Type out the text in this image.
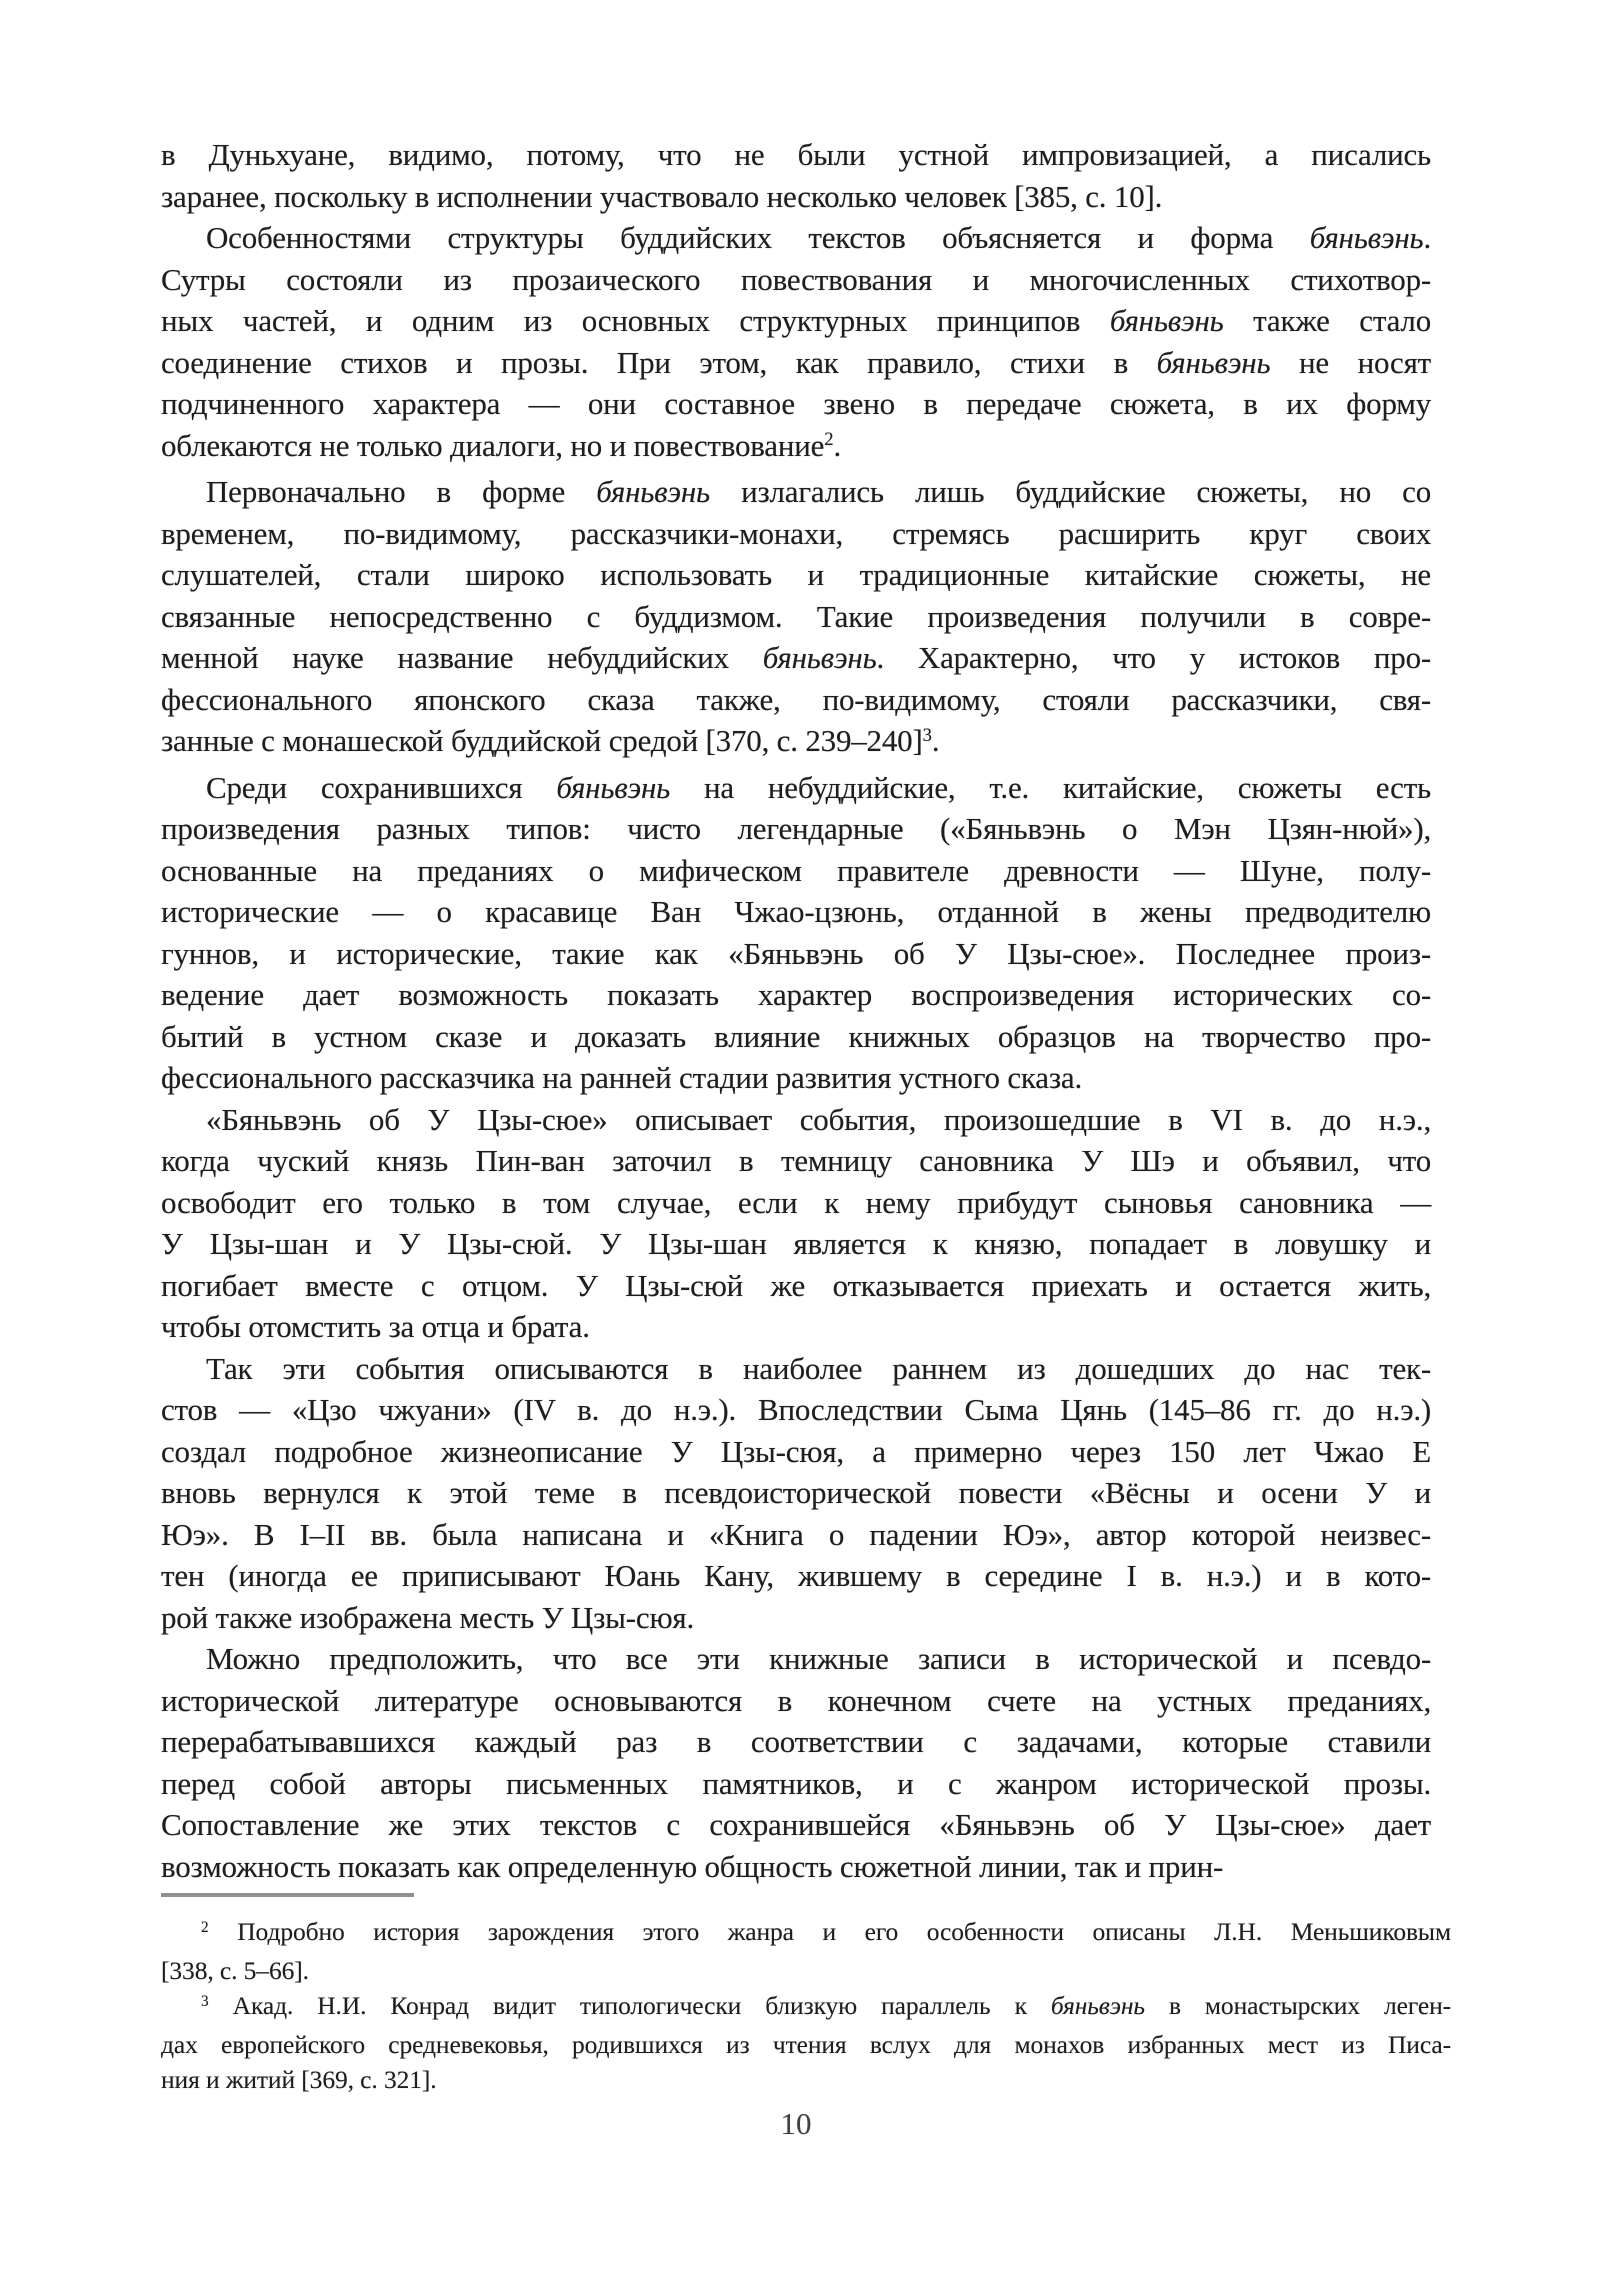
в Дуньхуане, видимо, потому, что не были устной импровизацией, а писались
заранее, поскольку в исполнении участвовало несколько человек [385, с. 10].
Особенностями структуры буддийских текстов объясняется и форма бяньвэнь.
Сутры состояли из прозаического повествования и многочисленных стихотвор-
ных частей, и одним из основных структурных принципов бяньвэнь также стало
соединение стихов и прозы. При этом, как правило, стихи в бяньвэнь не носят
подчиненного характера — они составное звено в передаче сюжета, в их форму
облекаются не только диалоги, но и повествование$^2$.
Первоначально в форме бяньвэнь излагались лишь буддийские сюжеты, но со
временем, по-видимому, рассказчики-монахи, стремясь расширить круг своих
слушателей, стали широко использовать и традиционные китайские сюжеты, не
связанные непосредственно с буддизмом. Такие произведения получили в совре-
менной науке название небуддийских бяньвэнь. Характерно, что у истоков про-
фессионального японского сказа также, по-видимому, стояли рассказчики, свя-
занные с монашеской буддийской средой [370, с. 239–240]$^3$.
Среди сохранившихся бяньвэнь на небуддийские, т.е. китайские, сюжеты есть
произведения разных типов: чисто легендарные («Бяньвэнь о Мэн Цзян-нюй»),
основанные на преданиях о мифическом правителе древности — Шуне, полу-
исторические — о красавице Ван Чжао-цзюнь, отданной в жены предводителю
гуннов, и исторические, такие как «Бяньвэнь об У Цзы-сюе». Последнее произ-
ведение дает возможность показать характер воспроизведения исторических со-
бытий в устном сказе и доказать влияние книжных образцов на творчество про-
фессионального рассказчика на ранней стадии развития устного сказа.
«Бяньвэнь об У Цзы-сюе» описывает события, произошедшие в VI в. до н.э.,
когда чуский князь Пин-ван заточил в темницу сановника У Шэ и объявил, что
освободит его только в том случае, если к нему прибудут сыновья сановника —
У Цзы-шан и У Цзы-сюй. У Цзы-шан является к князю, попадает в ловушку и
погибает вместе с отцом. У Цзы-сюй же отказывается приехать и остается жить,
чтобы отомстить за отца и брата.
Так эти события описываются в наиболее раннем из дошедших до нас тек-
стов — «Цзо чжуани» (IV в. до н.э.). Впоследствии Сыма Цянь (145–86 гг. до н.э.)
создал подробное жизнеописание У Цзы-сюя, а примерно через 150 лет Чжао Е
вновь вернулся к этой теме в псевдоисторической повести «Вёсны и осени У и
Юэ». В I–II вв. была написана и «Книга о падении Юэ», автор которой неизвес-
тен (иногда ее приписывают Юань Кану, жившему в середине I в. н.э.) и в кото-
рой также изображена месть У Цзы-сюя.
Можно предположить, что все эти книжные записи в исторической и псевдо-
исторической литературе основываются в конечном счете на устных преданиях,
перерабатывавшихся каждый раз в соответствии с задачами, которые ставили
перед собой авторы письменных памятников, и с жанром исторической прозы.
Сопоставление же этих текстов с сохранившейся «Бяньвэнь об У Цзы-сюе» дает
возможность показать как определенную общность сюжетной линии, так и прин-
$^2$ Подробно история зарождения этого жанра и его особенности описаны Л.Н. Меньшиковым
[338, с. 5–66].
$^3$ Акад. Н.И. Конрад видит типологически близкую параллель к бяньвэнь в монастырских леген-
дах европейского средневековья, родившихся из чтения вслух для монахов избранных мест из Писа-
ния и житий [369, с. 321].
10
